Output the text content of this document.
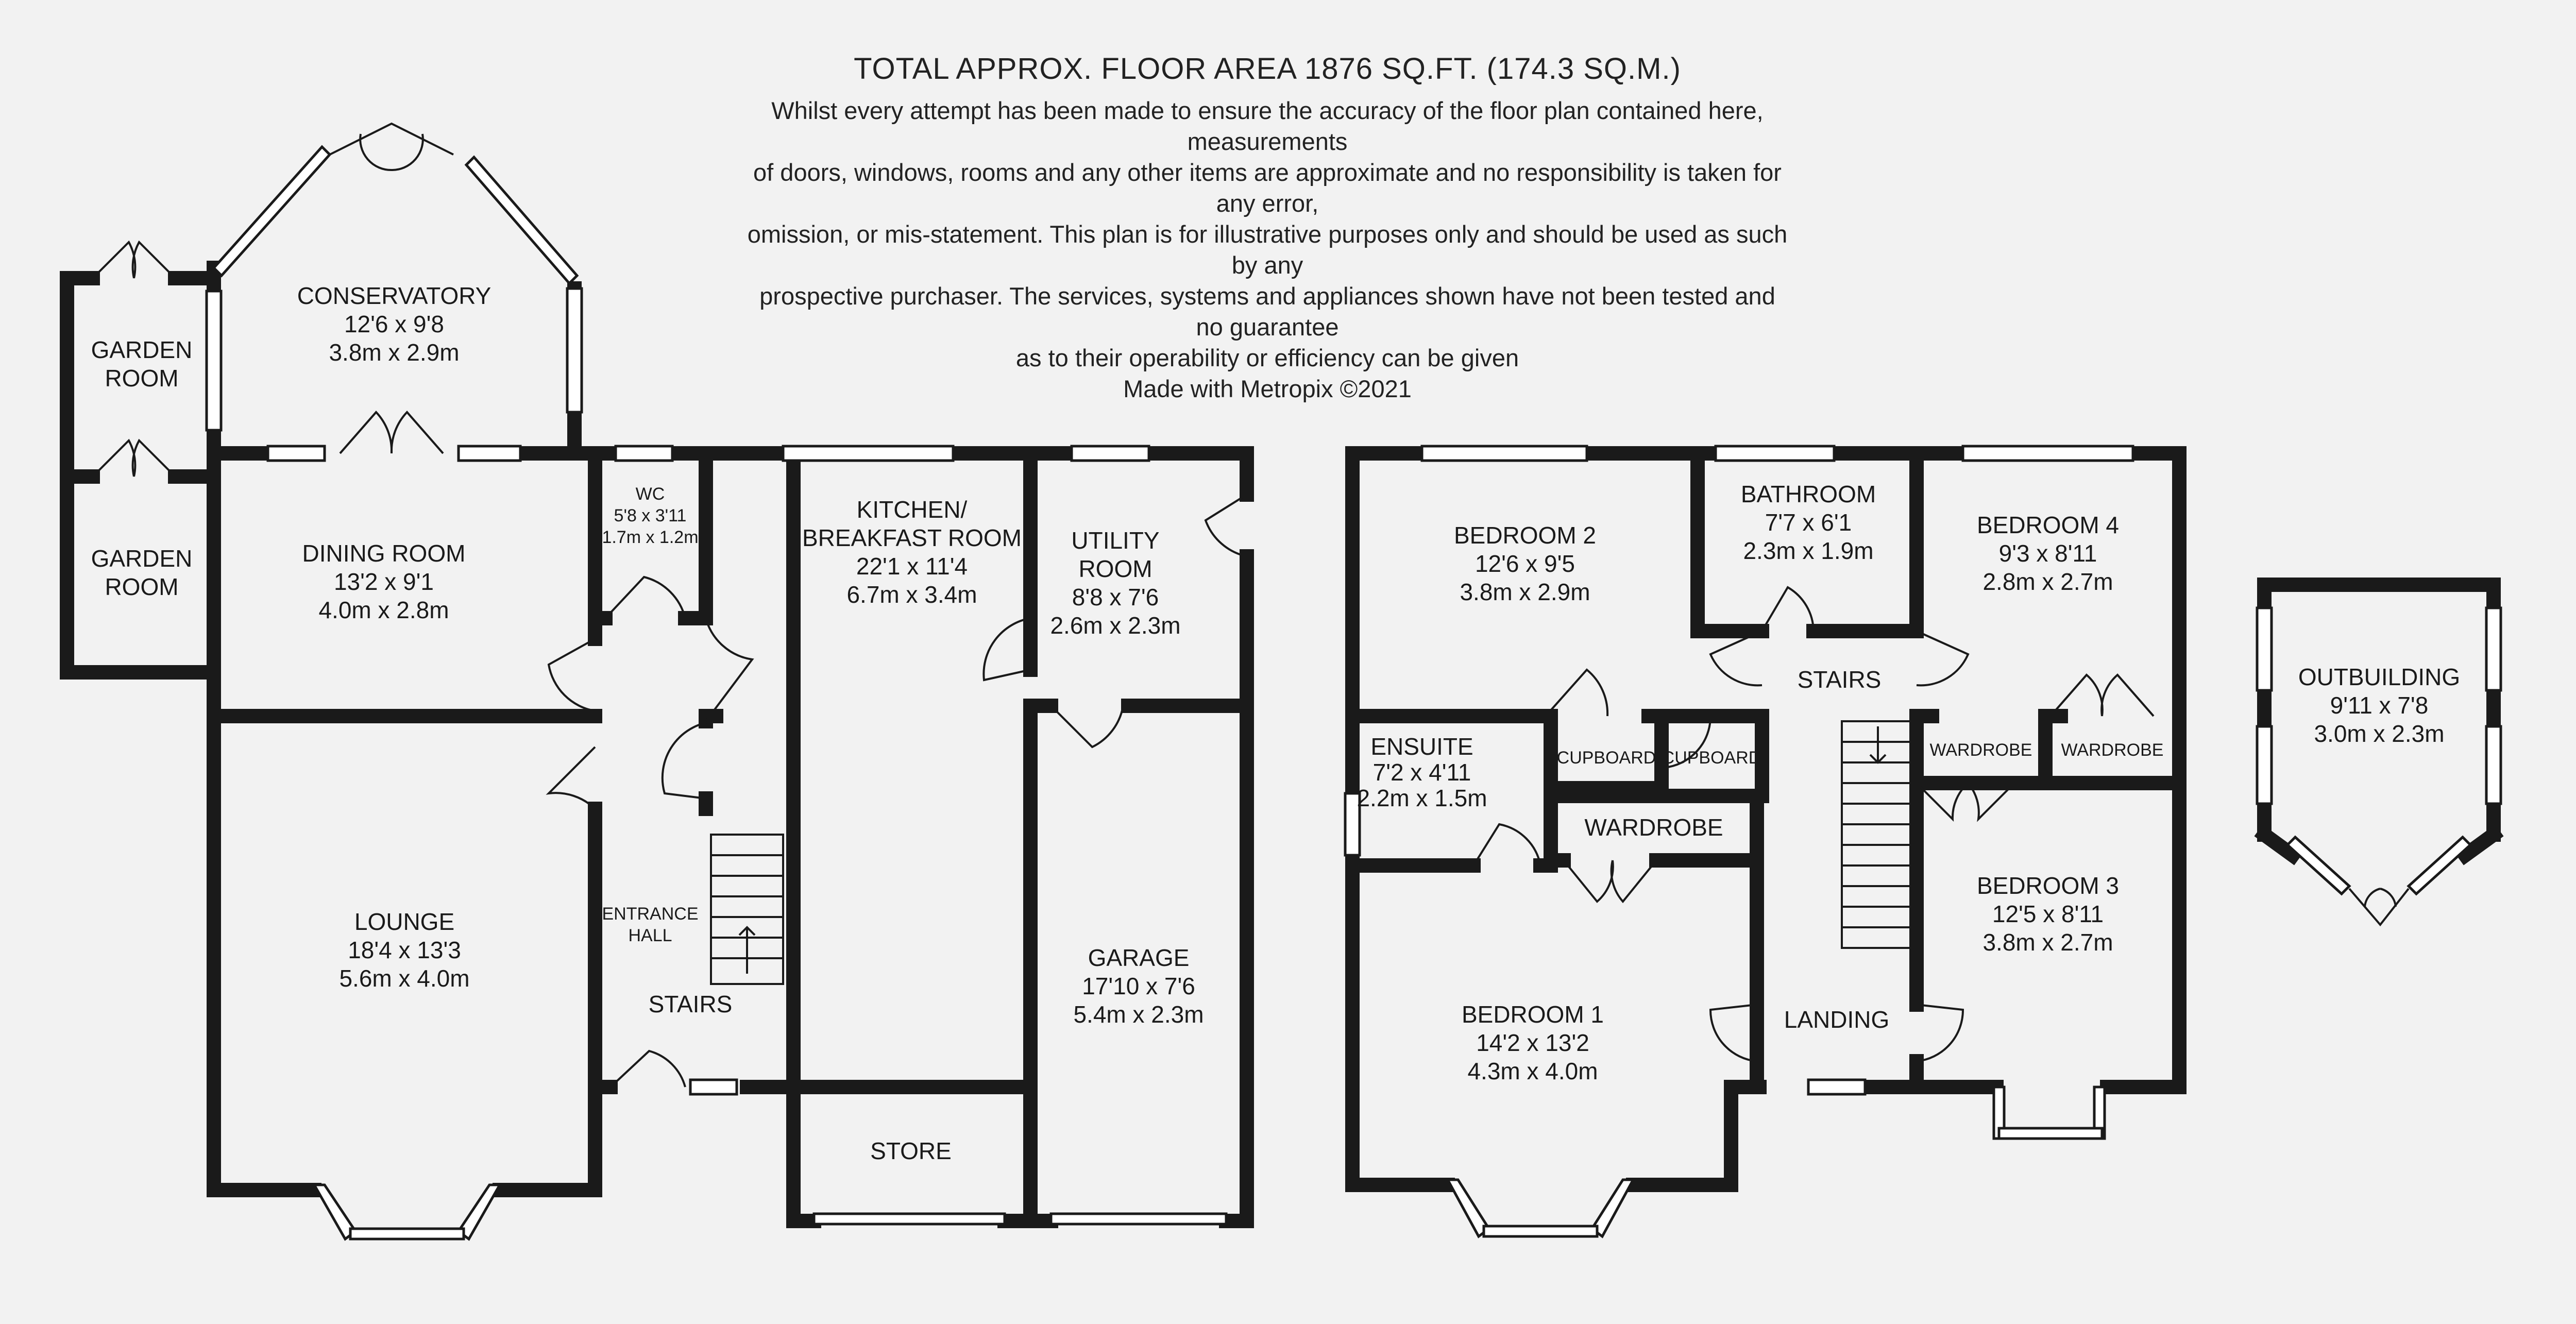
TOTAL APPROX. FLOOR AREA 1876 SQ.FT. (174.3 SQ.M.)
Whilst every attempt has been made to ensure the accuracy of the floor plan contained here, measurements
of doors, windows, rooms and any other items are approximate and no responsibility is taken for any error,
omission, or mis-statement. This plan is for illustrative purposes only and should be used as such by any
prospective purchaser. The services, systems and appliances shown have not been tested and no guarantee
as to their operability or efficiency can be given
Made with Metropix ©2021
CONSERVATORY
12'6 x 9'8
3.8m x 2.9m
GARDEN
ROOM
GARDEN
ROOM
DINING ROOM
13'2 x 9'1
4.0m x 2.8m
WC
5'8 x 3'11
1.7m x 1.2m
KITCHEN/
BREAKFAST ROOM
22'1 x 11'4
6.7m x 3.4m
UTILITY
ROOM
8'8 x 7'6
2.6m x 2.3m
LOUNGE
18'4 x 13'3
5.6m x 4.0m
ENTRANCE
HALL
STAIRS
GARAGE
17'10 x 7'6
5.4m x 2.3m
STORE
BEDROOM 2
12'6 x 9'5
3.8m x 2.9m
BATHROOM
7'7 x 6'1
2.3m x 1.9m
BEDROOM 4
9'3 x 8'11
2.8m x 2.7m
STAIRS
ENSUITE
7'2 x 4'11
2.2m x 1.5m
CUPBOARD CUPBOARD
WARDROBE
WARDROBE WARDROBE
BEDROOM 3
12'5 x 8'11
3.8m x 2.7m
BEDROOM 1
14'2 x 13'2
4.3m x 4.0m
LANDING
OUTBUILDING
9'11 x 7'8
3.0m x 2.3m
